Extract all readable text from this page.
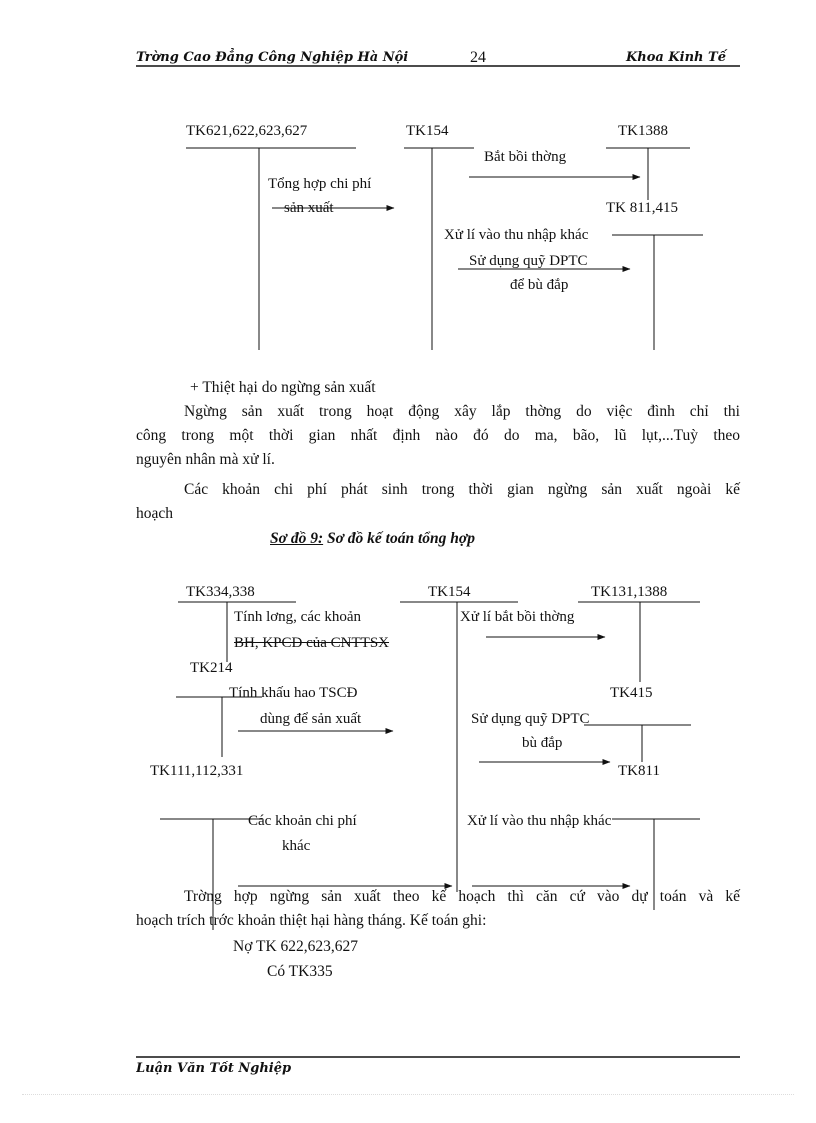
Trờng Cao Đẳng Công Nghiệp Hà Nội	24	Khoa Kinh Tế
TK621,622,623,627	TK154	TK1388
Bắt bồi thờng
Tổng hợp chi phí
sản xuất	TK 811,415
Xử lí vào thu nhập khác
Sử dụng quỹ DPTC
để bù đắp
+ Thiệt hại do ngừng sản xuất
Ngừng sản xuất trong hoạt động xây lắp thờng do việc đình chỉ thi
công trong một thời gian nhất định nào đó do ma, bão, lũ lụt,...Tuỳ theo
nguyên nhân mà xử lí.
Các khoản chi phí phát sinh trong thời gian ngừng sản xuất ngoài kế
hoạch
Sơ đồ 9: Sơ đồ kế toán tổng hợp
TK334,338	TK154	TK131,1388
Tính lơng, các khoản	Xử lí bắt bồi thờng
BH, KPCĐ của CNTTSX
TK214
Tính khấu hao TSCĐ	TK415
dùng để sản xuất	Sử dụng quỹ DPTC
bù đắp
TK111,112,331	TK811
Các khoản chi phí	Xử lí vào thu nhập khác
khác
Trờng hợp ngừng sản xuất theo kế hoạch thì căn cứ vào dự toán và kế
hoạch trích trớc khoản thiệt hại hàng tháng. Kế toán ghi:
Nợ TK 622,623,627
Có TK335
Luận Văn Tốt Nghiệp
